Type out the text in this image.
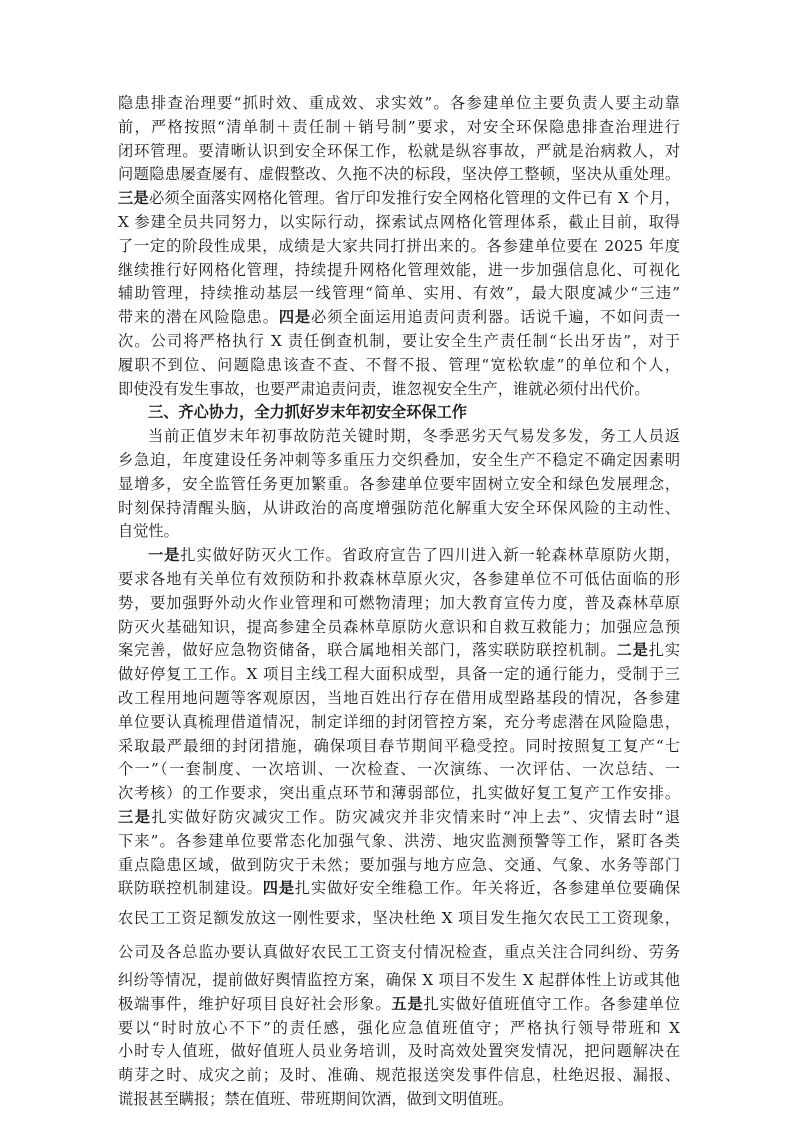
隐患排查治理要“抓时效、重成效、求实效”。各参建单位主要负责人要主动靠
前，严格按照“清单制＋责任制＋销号制”要求，对安全环保隐患排查治理进行
闭环管理。要清晰认识到安全环保工作，松就是纵容事故，严就是治病救人，对
问题隐患屡查屡有、虚假整改、久拖不决的标段，坚决停工整顿，坚决从重处理。
三是必须全面落实网格化管理。省厅印发推行安全网格化管理的文件已有 X 个月，
X 参建全员共同努力，以实际行动，探索试点网格化管理体系，截止目前，取得
了一定的阶段性成果，成绩是大家共同打拼出来的。各参建单位要在 2025 年度
继续推行好网格化管理，持续提升网格化管理效能，进一步加强信息化、可视化
辅助管理，持续推动基层一线管理“简单、实用、有效”，最大限度减少“三违”
带来的潜在风险隐患。四是必须全面运用追责问责利器。话说千遍，不如问责一
次。公司将严格执行 X 责任倒查机制，要让安全生产责任制“长出牙齿”，对于
履职不到位、问题隐患该查不查、不督不报、管理“宽松软虚”的单位和个人，
即使没有发生事故，也要严肃追责问责，谁忽视安全生产，谁就必须付出代价。
三、齐心协力，全力抓好岁末年初安全环保工作
当前正值岁末年初事故防范关键时期，冬季恶劣天气易发多发，务工人员返
乡急迫，年度建设任务冲刺等多重压力交织叠加，安全生产不稳定不确定因素明
显增多，安全监管任务更加繁重。各参建单位要牢固树立安全和绿色发展理念，
时刻保持清醒头脑，从讲政治的高度增强防范化解重大安全环保风险的主动性、
自觉性。
一是扎实做好防灭火工作。省政府宣告了四川进入新一轮森林草原防火期，
要求各地有关单位有效预防和扑救森林草原火灾，各参建单位不可低估面临的形
势，要加强野外动火作业管理和可燃物清理；加大教育宣传力度，普及森林草原
防灭火基础知识，提高参建全员森林草原防火意识和自救互救能力；加强应急预
案完善，做好应急物资储备，联合属地相关部门，落实联防联控机制。二是扎实
做好停复工工作。X 项目主线工程大面积成型，具备一定的通行能力，受制于三
改工程用地问题等客观原因，当地百姓出行存在借用成型路基段的情况，各参建
单位要认真梳理借道情况，制定详细的封闭管控方案，充分考虑潜在风险隐患，
采取最严最细的封闭措施，确保项目春节期间平稳受控。同时按照复工复产“七
个一”（一套制度、一次培训、一次检查、一次演练、一次评估、一次总结、一
次考核）的工作要求，突出重点环节和薄弱部位，扎实做好复工复产工作安排。
三是扎实做好防灾减灾工作。防灾减灾并非灾情来时“冲上去”、灾情去时“退
下来”。各参建单位要常态化加强气象、洪涝、地灾监测预警等工作，紧盯各类
重点隐患区域，做到防灾于未然；要加强与地方应急、交通、气象、水务等部门
联防联控机制建设。四是扎实做好安全维稳工作。年关将近，各参建单位要确保
农民工工资足额发放这一刚性要求，坚决杜绝 X 项目发生拖欠农民工工资现象，
公司及各总监办要认真做好农民工工资支付情况检查，重点关注合同纠纷、劳务
纠纷等情况，提前做好舆情监控方案，确保 X 项目不发生 X 起群体性上访或其他
极端事件，维护好项目良好社会形象。五是扎实做好值班值守工作。各参建单位
要以“时时放心不下”的责任感，强化应急值班值守；严格执行领导带班和 X
小时专人值班，做好值班人员业务培训，及时高效处置突发情况，把问题解决在
萌芽之时、成灾之前；及时、准确、规范报送突发事件信息，杜绝迟报、漏报、
谎报甚至瞒报；禁在值班、带班期间饮酒，做到文明值班。
